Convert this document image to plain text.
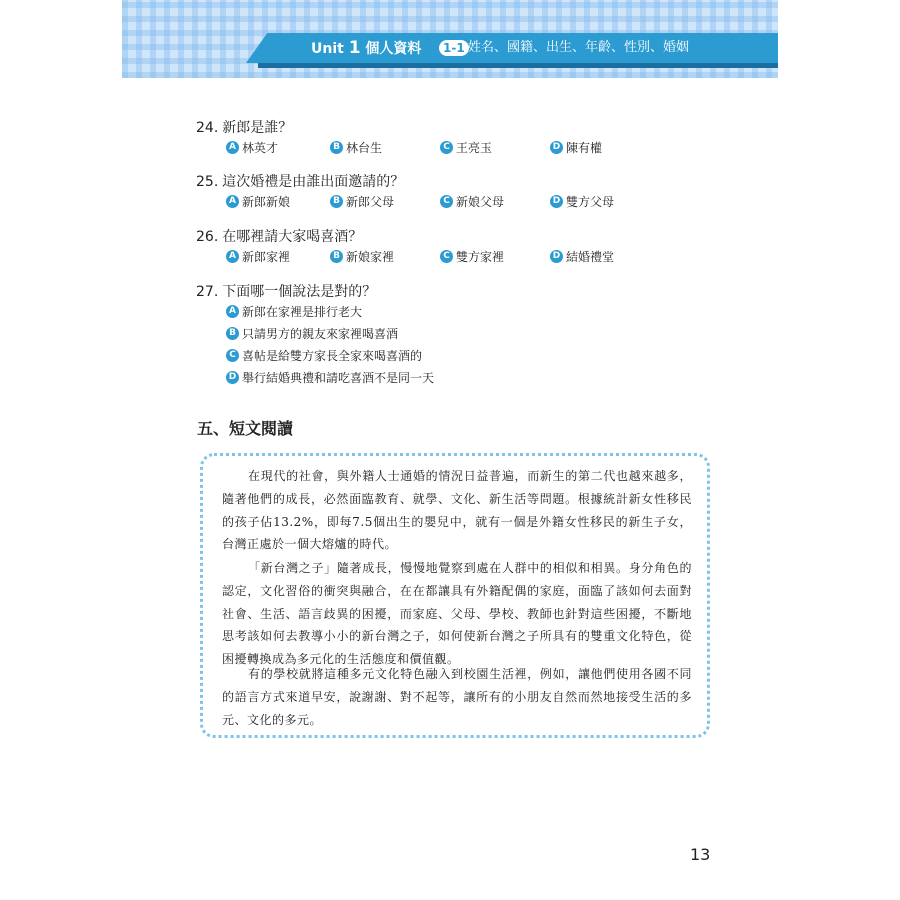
Unit 1 個人資料	1-1 姓名、國籍、出生、年齡、性別、婚姻
24. 新郎是誰？
A 林英才	B 林台生	C 王亮玉	D 陳有權
25. 這次婚禮是由誰出面邀請的？
A 新郎新娘	B 新郎父母	C 新娘父母	D 雙方父母
26. 在哪裡請大家喝喜酒？
A 新郎家裡	B 新娘家裡	C 雙方家裡	D 結婚禮堂
27. 下面哪一個說法是對的？
A 新郎在家裡是排行老大
B 只請男方的親友來家裡喝喜酒
C 喜帖是給雙方家長全家來喝喜酒的
D 舉行結婚典禮和請吃喜酒不是同一天
五、短文閱讀
在現代的社會，與外籍人士通婚的情況日益普遍，而新生的第二代也越來越多，隨著他們的成長，必然面臨教育、就學、文化、新生活等問題。根據統計新女性移民的孩子佔13.2%，即每7.5個出生的嬰兒中，就有一個是外籍女性移民的新生子女，台灣正處於一個大熔爐的時代。
「新台灣之子」隨著成長，慢慢地覺察到處在人群中的相似和相異。身分角色的認定，文化習俗的衝突與融合，在在都讓具有外籍配偶的家庭，面臨了該如何去面對社會、生活、語言歧異的困擾，而家庭、父母、學校、教師也針對這些困擾，不斷地思考該如何去教導小小的新台灣之子，如何使新台灣之子所具有的雙重文化特色，從困擾轉換成為多元化的生活態度和價值觀。
有的學校就將這種多元文化特色融入到校園生活裡，例如，讓他們使用各國不同的語言方式來道早安，說謝謝、對不起等，讓所有的小朋友自然而然地接受生活的多元、文化的多元。
13
